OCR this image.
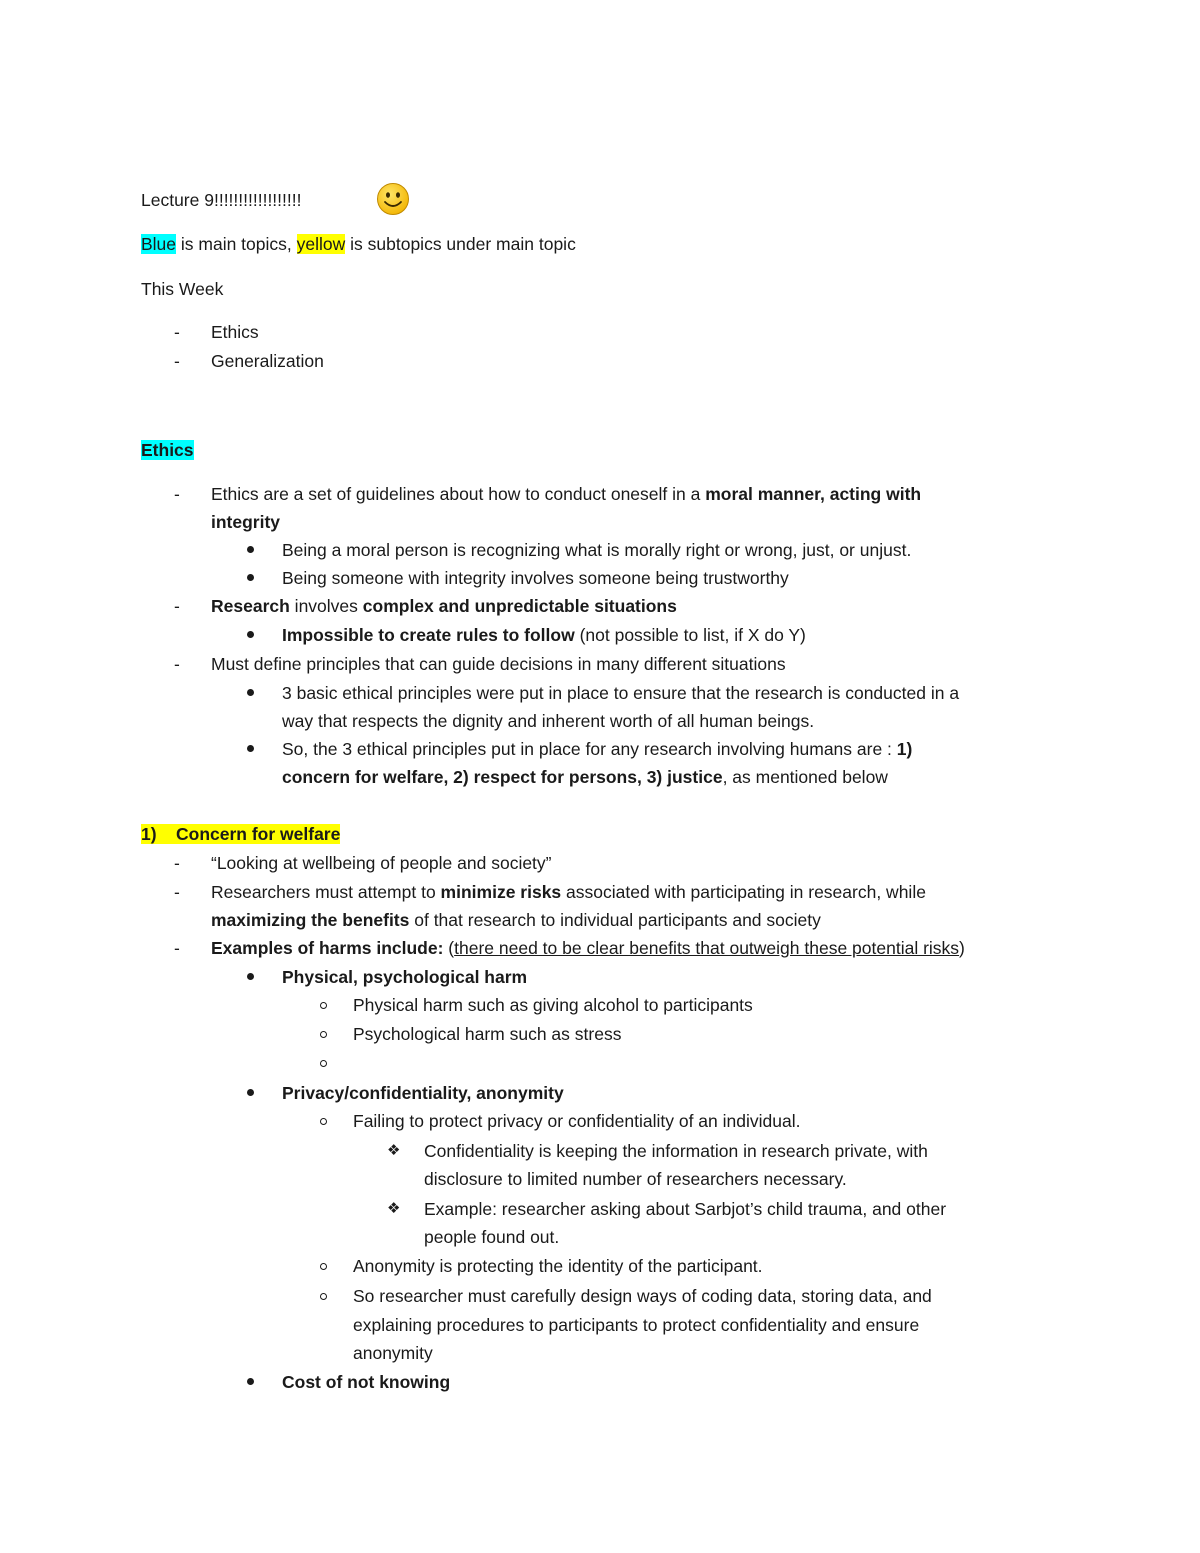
Lecture 9!!!!!!!!!!!!!!!!!!
Blue is main topics, yellow is subtopics under main topic
This Week
-	Ethics
-	Generalization
Ethics
-	Ethics are a set of guidelines about how to conduct oneself in a moral manner, acting with
integrity
Being a moral person is recognizing what is morally right or wrong, just, or unjust.
Being someone with integrity involves someone being trustworthy
-	Research involves complex and unpredictable situations
Impossible to create rules to follow (not possible to list, if X do Y)
-	Must define principles that can guide decisions in many different situations
3 basic ethical principles were put in place to ensure that the research is conducted in a
way that respects the dignity and inherent worth of all human beings.
So, the 3 ethical principles put in place for any research involving humans are : 1)
concern for welfare, 2) respect for persons, 3) justice, as mentioned below
1)    Concern for welfare
-	“Looking at wellbeing of people and society”
-	Researchers must attempt to minimize risks associated with participating in research, while
maximizing the benefits of that research to individual participants and society
-	Examples of harms include: (there need to be clear benefits that outweigh these potential risks)
Physical, psychological harm
Physical harm such as giving alcohol to participants
Psychological harm such as stress
Privacy/confidentiality, anonymity
Failing to protect privacy or confidentiality of an individual.
❖ Confidentiality is keeping the information in research private, with
disclosure to limited number of researchers necessary.
❖ Example: researcher asking about Sarbjot’s child trauma, and other
people found out.
Anonymity is protecting the identity of the participant.
So researcher must carefully design ways of coding data, storing data, and
explaining procedures to participants to protect confidentiality and ensure
anonymity
Cost of not knowing
